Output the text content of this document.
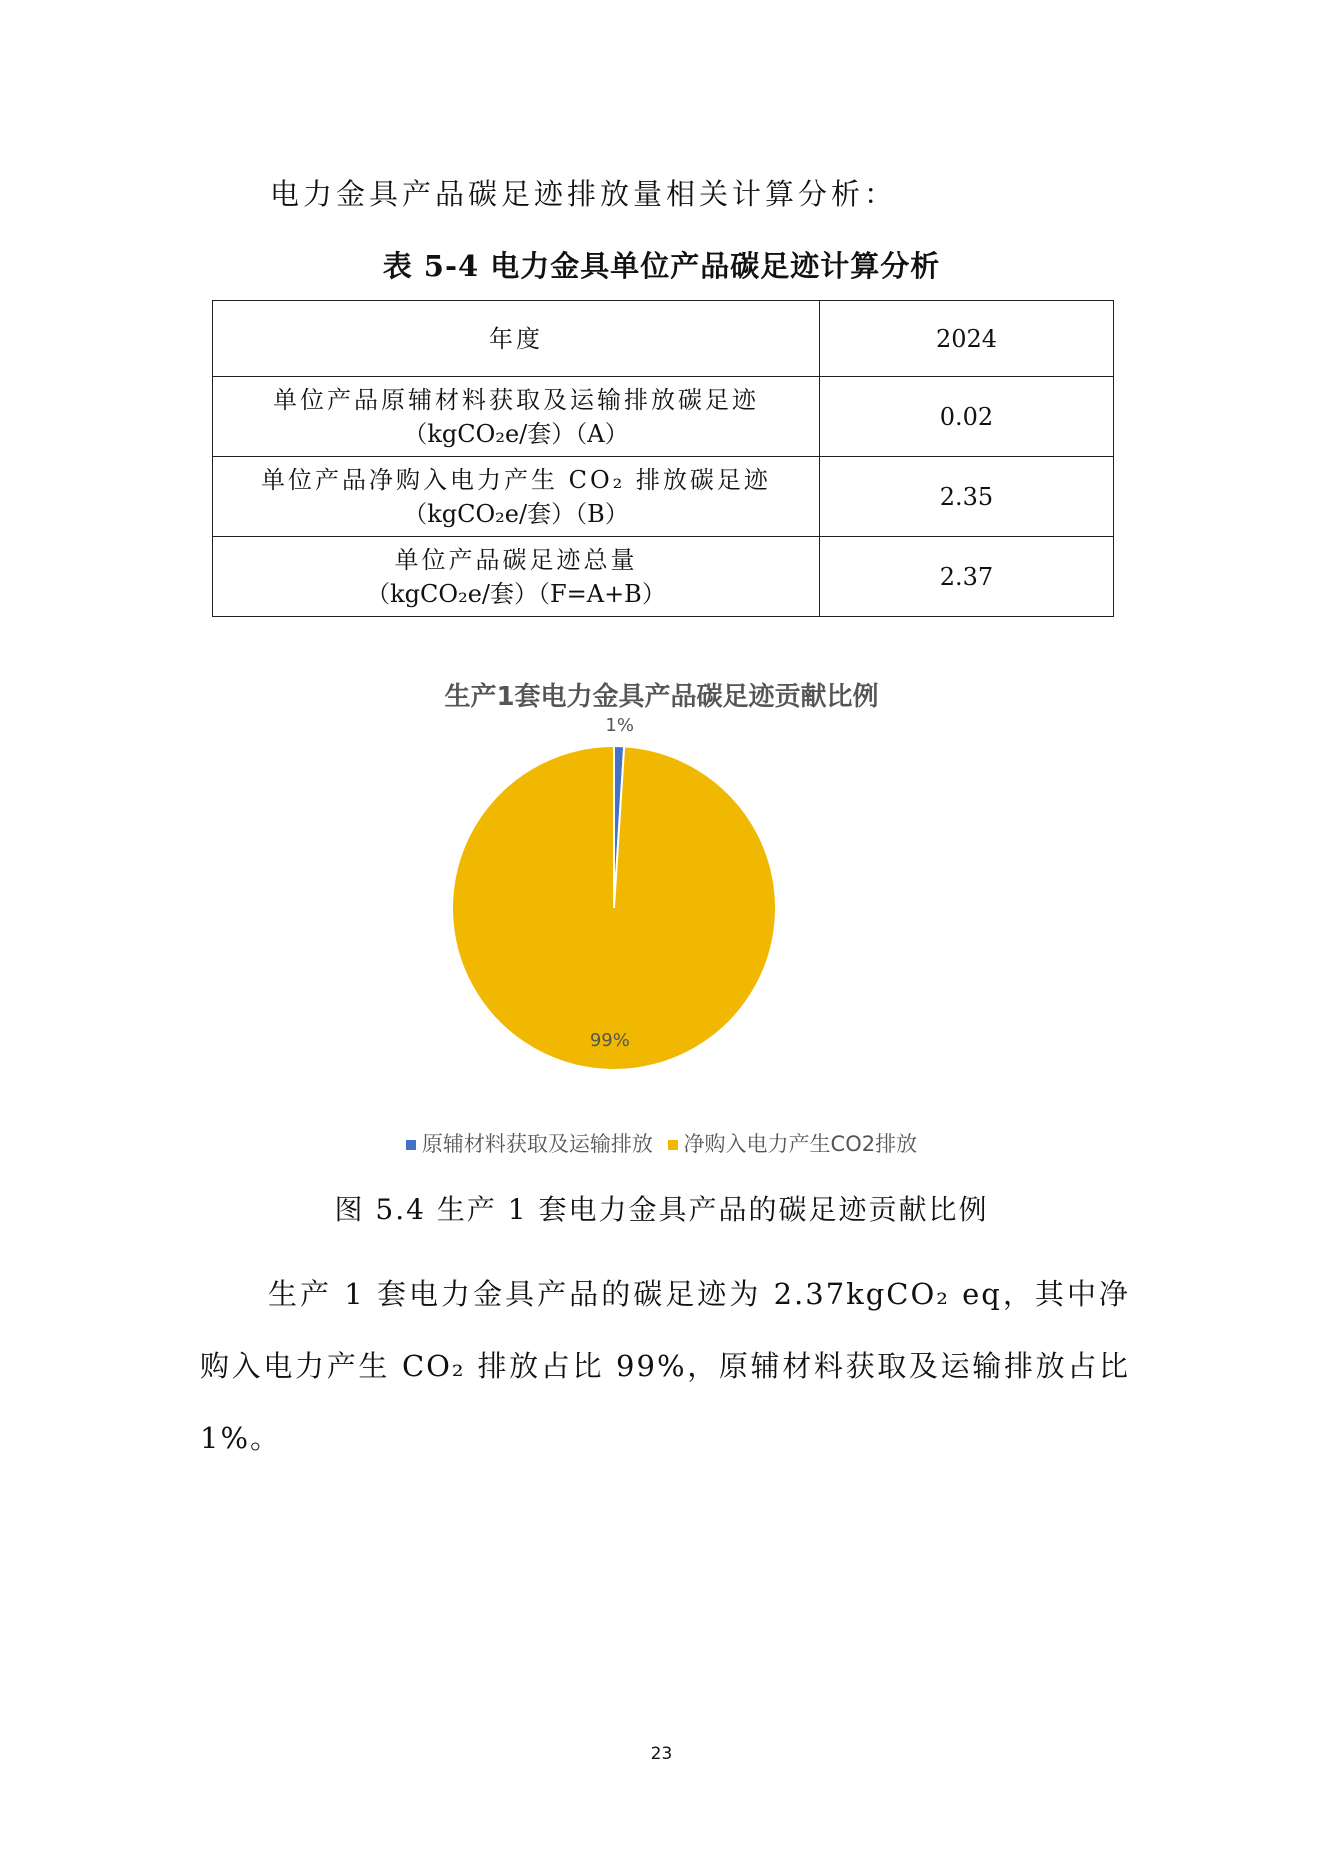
电力金具产品碳足迹排放量相关计算分析：
表 5-4 电力金具单位产品碳足迹计算分析
年度	2024

单位产品原辅材料获取及运输排放碳足迹
（kgCO₂e/套）（A）	0.02

单位产品净购入电力产生 CO₂ 排放碳足迹
（kgCO₂e/套）（B）	2.35

单位产品碳足迹总量
（kgCO₂e/套）（F=A+B）	2.37
生产1套电力金具产品碳足迹贡献比例
1%
99%
原辅材料获取及运输排放 净购入电力产生CO2排放
图 5.4 生产 1 套电力金具产品的碳足迹贡献比例
生产 1 套电力金具产品的碳足迹为 2.37kgCO₂ eq，其中净购入电力产生 CO₂ 排放占比 99%，原辅材料获取及运输排放占比 1%。
23
